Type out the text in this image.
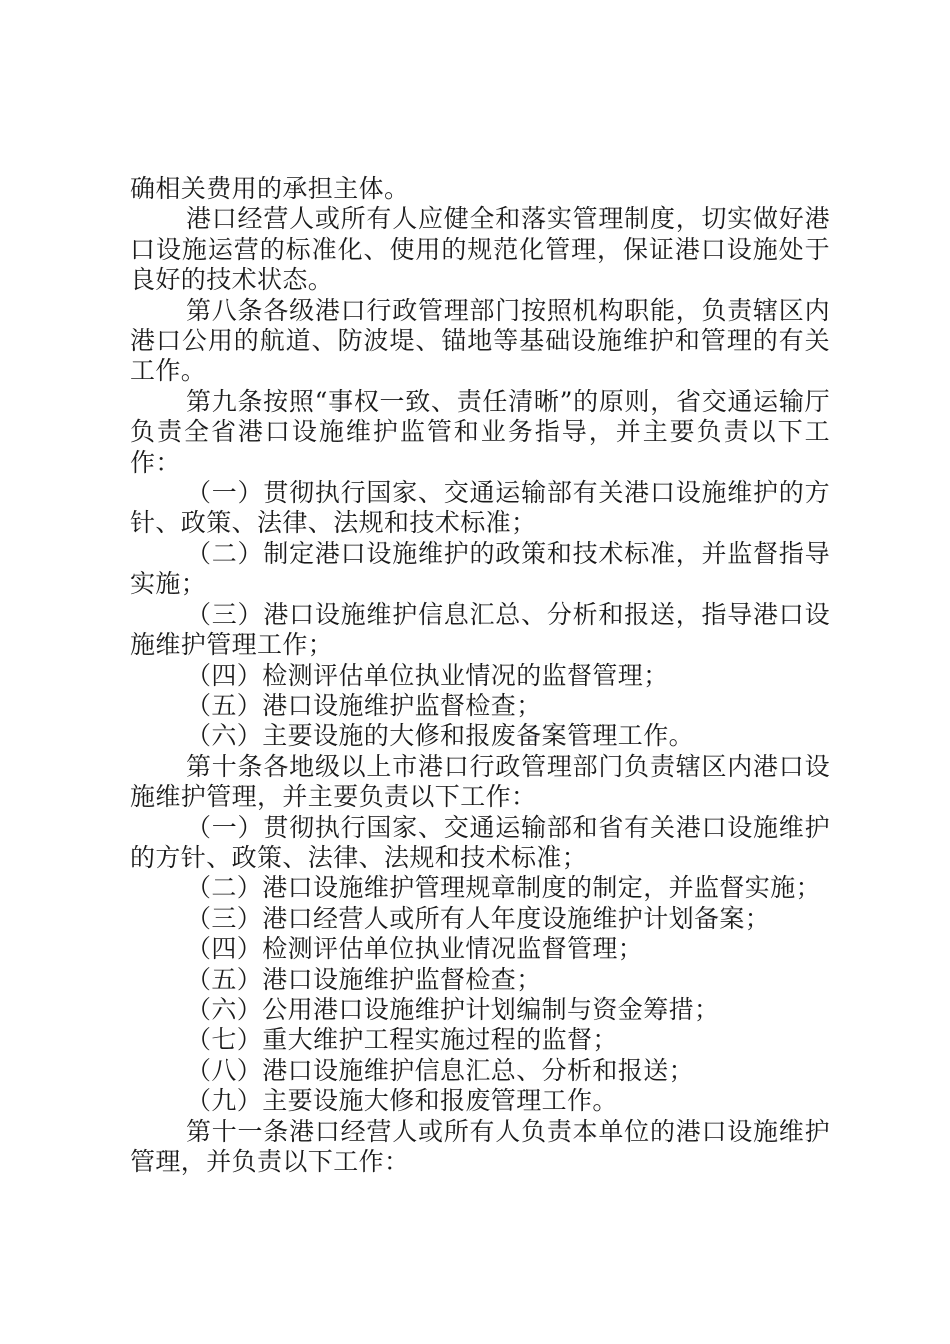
确相关费用的承担主体。

港口经营人或所有人应健全和落实管理制度，切实做好港口设施运营的标准化、使用的规范化管理，保证港口设施处于良好的技术状态。

第八条各级港口行政管理部门按照机构职能，负责辖区内港口公用的航道、防波堤、锚地等基础设施维护和管理的有关工作。

第九条按照“事权一致、责任清晰”的原则，省交通运输厅负责全省港口设施维护监管和业务指导，并主要负责以下工作：

（一）贯彻执行国家、交通运输部有关港口设施维护的方针、政策、法律、法规和技术标准；

（二）制定港口设施维护的政策和技术标准，并监督指导实施；

（三）港口设施维护信息汇总、分析和报送，指导港口设施维护管理工作；

（四）检测评估单位执业情况的监督管理；

（五）港口设施维护监督检查；

（六）主要设施的大修和报废备案管理工作。

第十条各地级以上市港口行政管理部门负责辖区内港口设施维护管理，并主要负责以下工作：

（一）贯彻执行国家、交通运输部和省有关港口设施维护的方针、政策、法律、法规和技术标准；

（二）港口设施维护管理规章制度的制定，并监督实施；

（三）港口经营人或所有人年度设施维护计划备案；

（四）检测评估单位执业情况监督管理；

（五）港口设施维护监督检查；

（六）公用港口设施维护计划编制与资金筹措；

（七）重大维护工程实施过程的监督；

（八）港口设施维护信息汇总、分析和报送；

（九）主要设施大修和报废管理工作。

第十一条港口经营人或所有人负责本单位的港口设施维护管理，并负责以下工作：
